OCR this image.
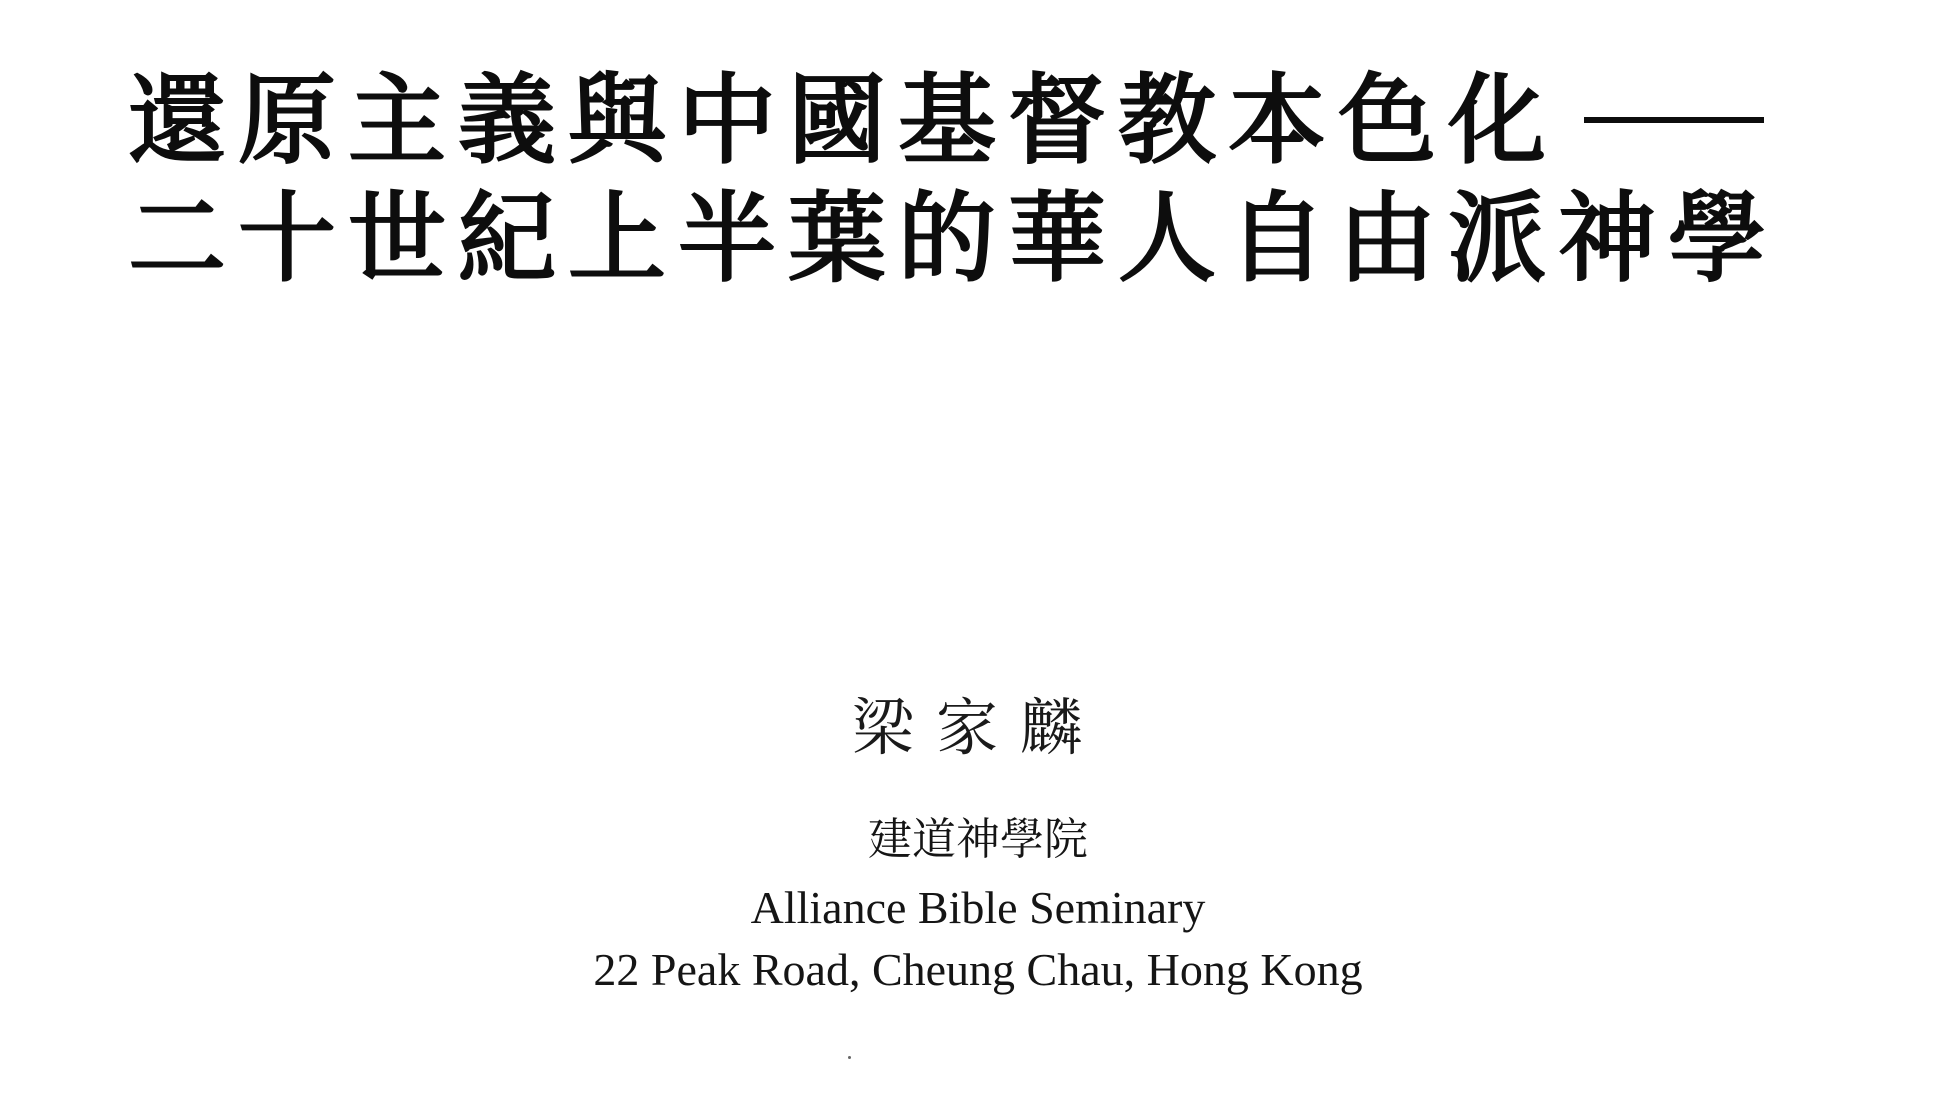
還原主義與中國基督教本色化
二十世紀上半葉的華人自由派神學
梁家麟
建道神學院
Alliance Bible Seminary
22 Peak Road, Cheung Chau, Hong Kong
